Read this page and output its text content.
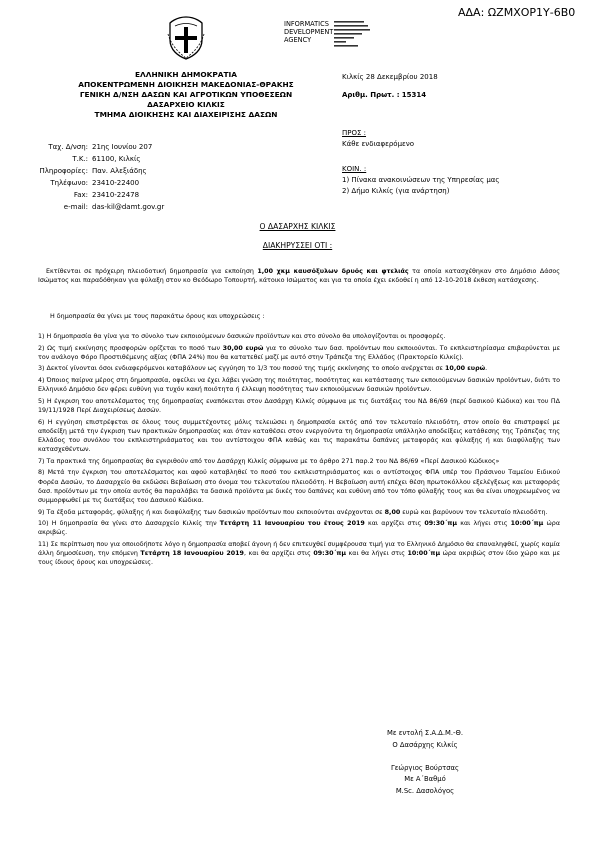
ΑΔΑ: ΩΖΜΧΟΡ1Υ-6Β0
INFORMATICS
DEVELOPMENT
AGENCY
ΕΛΛΗΝΙΚΗ ΔΗΜΟΚΡΑΤΙΑ
ΑΠΟΚΕΝΤΡΩΜΕΝΗ ΔΙΟΙΚΗΣΗ ΜΑΚΕΔΟΝΙΑΣ-ΘΡΑΚΗΣ
ΓΕΝΙΚΗ Δ/ΝΣΗ ΔΑΣΩΝ ΚΑΙ ΑΓΡΟΤΙΚΩΝ ΥΠΟΘΕΣΕΩΝ
ΔΑΣΑΡΧΕΙΟ ΚΙΛΚΙΣ
ΤΜΗΜΑ ΔΙΟΙΚΗΣΗΣ ΚΑΙ ΔΙΑΧΕΙΡΙΣΗΣ ΔΑΣΩΝ
Κιλκίς 28 Δεκεμβρίου 2018
Αριθμ. Πρωτ. : 15314
Ταχ. Δ/νση: 21ης Ιουνίου 207
Τ.Κ.: 61100, Κιλκίς
Πληροφορίες: Παν. Αλεξιάδης
Τηλέφωνο: 23410-22400
Fax: 23410-22478
e-mail: das-kil@damt.gov.gr
ΠΡΟΣ :
Κάθε ενδιαφερόμενο
ΚΟΙΝ. :
1) Πίνακα ανακοινώσεων της Υπηρεσίας μας
2) Δήμο Κιλκίς (για ανάρτηση)
Ο ΔΑΣΑΡΧΗΣ ΚΙΛΚΙΣ
ΔΙΑΚΗΡΥΣΣΕΙ ΟΤΙ :
Εκτίθενται σε πρόχειρη πλειοδοτική δημοπρασία για εκποίηση 1,00 χκμ καυσόξυλων δρυός και φτελιάς τα οποία κατασχέθηκαν στο Δημόσιο Δάσος Ισώματος και παραδόθηκαν για φύλαξη στον κο Θεόδωρο Τοπουρτή, κάτοικο Ισώματος και για τα οποία έχει εκδοθεί η από 12-10-2018 έκθεση κατάσχεσης.
Η δημοπρασία θα γίνει με τους παρακάτω όρους και υποχρεώσεις :

1) Η δημοπρασία θα γίνα για το σύνολο των εκποιούμενων δασικών προϊόντων και στο σύνολο θα υπολογίζονται οι προσφορές.

2) Ως τιμή εκκίνησης προσφορών ορίζεται το ποσό των 30,00 ευρώ για το σύνολο των δασ. προϊόντων που εκποιούνται. Το εκπλειστηρίασμα επιβαρύνεται με τον ανάλογο Φόρο Προστιθέμενης αξίας (ΦΠΑ 24%) που θα κατατεθεί μαζί με αυτό στην Τράπεζα της Ελλάδος (Πρακτορείο Κιλκίς).

3) Δεκτοί γίνονται όσοι ενδιαφερόμενοι καταβάλουν ως εγγύηση το 1/3 του ποσού της τιμής εκκίνησης το οποίο ανέρχεται σε 10,00 ευρώ.

4) Όποιος παίρνα μέρος στη δημοπρασία, οφείλει να έχει λάβει γνώση της ποιότητας, ποσότητας και κατάστασης των εκποιούμενων δασικών προϊόντων, διότι το Ελληνικό Δημόσιο δεν φέρει ευθύνη για τυχόν κακή ποιότητα ή έλλειψη ποσότητας των εκποιούμενων δασικών προϊόντων.

5) Η έγκριση του αποτελέσματος της δημοπρασίας εναπόκειται στον Δασάρχη Κιλκίς σύμφωνα με τις διατάξεις του ΝΔ 86/69 (περί δασικού Κώδικα) και του ΠΔ 19/11/1928 Περί Διαχειρίσεως Δασών.

6) Η εγγύηση επιστρέφεται σε όλους τους συμμετέχοντες μόλις τελειώσει η δημοπρασία εκτός από τον τελευταίο πλειοδότη, στον οποίο θα επιστραφεί με αποδείξη μετά την έγκριση των πρακτικών δημοπρασίας και όταν καταθέσει στον ενεργούντα τη δημοπρασία υπάλληλο αποδείξεις κατάθεσης της Τράπεζας της Ελλάδος του συνόλου του εκπλειστηριάσματος και του αντίστοιχου ΦΠΑ καθώς και τις παρακάτω δαπάνες μεταφοράς και φύλαξης ή και διαφύλαξης των κατασχεθέντων.

7) Τα πρακτικά της δημοπρασίας θα εγκριθούν από τον Δασάρχη Κιλκίς σύμφωνα με το άρθρο 271 παρ.2 του ΝΔ 86/69 «Περί Δασικού Κώδικος»

8) Μετά την έγκριση του αποτελέσματος και αφού καταβληθεί το ποσό του εκπλειστηριάσματος και ο αντίστοιχος ΦΠΑ υπέρ του Πράσινου Ταμείου Ειδικού Φορέα Δασών, το Δασαρχείο θα εκδώσει Βεβαίωση στο όνομα του τελευταίου πλειοδότη. Η Βεβαίωση αυτή επέχει θέση πρωτοκόλλου εξελέγξεως και μεταφοράς δασ. προϊόντων με την οποία αυτός θα παραλάβει τα δασικά προϊόντα με δικές του δαπάνες και ευθύνη από τον τόπο φύλαξής τους και θα είναι υποχρεωμένος να συμμορφωθεί με τις διατάξεις του Δασικού Κώδικα.

9) Τα έξοδα μεταφοράς, φύλαξης ή και διαφύλαξης των δασικών προϊόντων που εκποιούνται ανέρχονται σε 8,00 ευρώ και βαρύνουν τον τελευταίο πλειοδότη.

10) Η δημοπρασία θα γίνει στο Δασαρχείο Κιλκίς την Τετάρτη 11 Ιανουαρίου του έτους 2019 και αρχίζει στις 09:30΄πμ και λήγει στις 10:00΄πμ ώρα ακριβώς.

11) Σε περίπτωση που για οποιοδήποτε λόγο η δημοπρασία αποβεί άγονη ή δεν επιτευχθεί συμφέρουσα τιμή για το Ελληνικό Δημόσιο θα επαναληφθεί, χωρίς καμία άλλη δημοσίευση, την επόμενη Τετάρτη 18 Ιανουαρίου 2019, και θα αρχίζει στις 09:30΄πμ και θα λήγει στις 10:00΄πμ ώρα ακριβώς στον ίδιο χώρο και με τους ίδιους όρους και υποχρεώσεις.

Με εντολή Σ.Α.Δ.Μ.-Θ.
Ο Δασάρχης Κιλκίς
Γεώργιος Βούρτσας
Με Α΄Βαθμό
M.Sc. Δασολόγος
